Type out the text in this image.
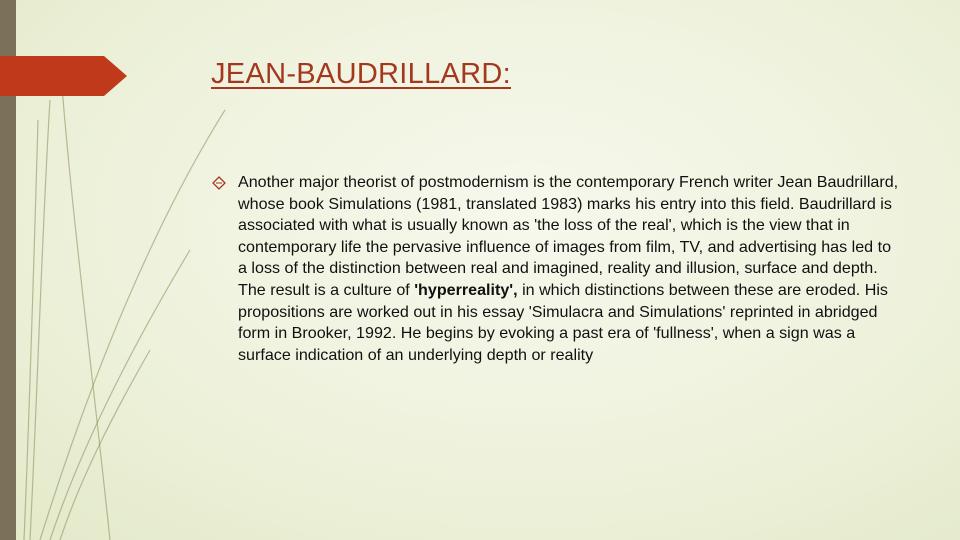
JEAN-BAUDRILLARD:

Another major theorist of postmodernism is the contemporary French writer Jean Baudrillard, whose book Simulations (1981, translated 1983) marks his entry into this field. Baudrillard is associated with what is usually known as 'the loss of the real', which is the view that in contemporary life the pervasive influence of images from film, TV, and advertising has led to a loss of the distinction between real and imagined, reality and illusion, surface and depth. The result is a culture of 'hyperreality', in which distinctions between these are eroded. His propositions are worked out in his essay 'Simulacra and Simulations' reprinted in abridged form in Brooker, 1992. He begins by evoking a past era of 'fullness', when a sign was a surface indication of an underlying depth or reality
